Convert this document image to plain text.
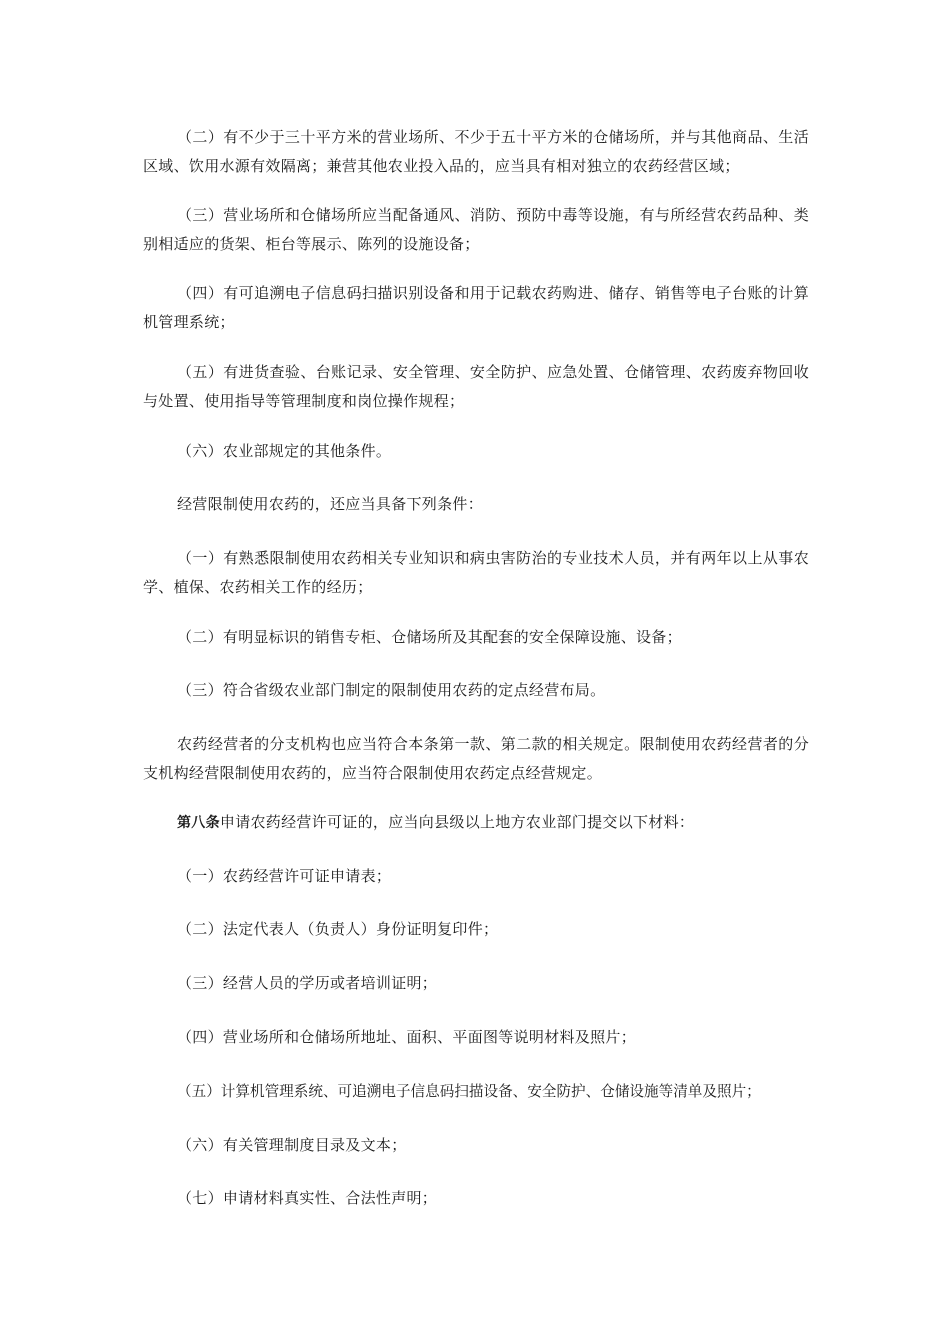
（二）有不少于三十平方米的营业场所、不少于五十平方米的仓储场所，并与其他商品、生活区域、饮用水源有效隔离；兼营其他农业投入品的，应当具有相对独立的农药经营区域；

（三）营业场所和仓储场所应当配备通风、消防、预防中毒等设施，有与所经营农药品种、类别相适应的货架、柜台等展示、陈列的设施设备；

（四）有可追溯电子信息码扫描识别设备和用于记载农药购进、储存、销售等电子台账的计算机管理系统；

（五）有进货查验、台账记录、安全管理、安全防护、应急处置、仓储管理、农药废弃物回收与处置、使用指导等管理制度和岗位操作规程；

（六）农业部规定的其他条件。

经营限制使用农药的，还应当具备下列条件：

（一）有熟悉限制使用农药相关专业知识和病虫害防治的专业技术人员，并有两年以上从事农学、植保、农药相关工作的经历；

（二）有明显标识的销售专柜、仓储场所及其配套的安全保障设施、设备；

（三）符合省级农业部门制定的限制使用农药的定点经营布局。

农药经营者的分支机构也应当符合本条第一款、第二款的相关规定。限制使用农药经营者的分支机构经营限制使用农药的，应当符合限制使用农药定点经营规定。

第八条申请农药经营许可证的，应当向县级以上地方农业部门提交以下材料：

（一）农药经营许可证申请表；

（二）法定代表人（负责人）身份证明复印件；

（三）经营人员的学历或者培训证明；

（四）营业场所和仓储场所地址、面积、平面图等说明材料及照片；

（五）计算机管理系统、可追溯电子信息码扫描设备、安全防护、仓储设施等清单及照片；

（六）有关管理制度目录及文本；

（七）申请材料真实性、合法性声明；
